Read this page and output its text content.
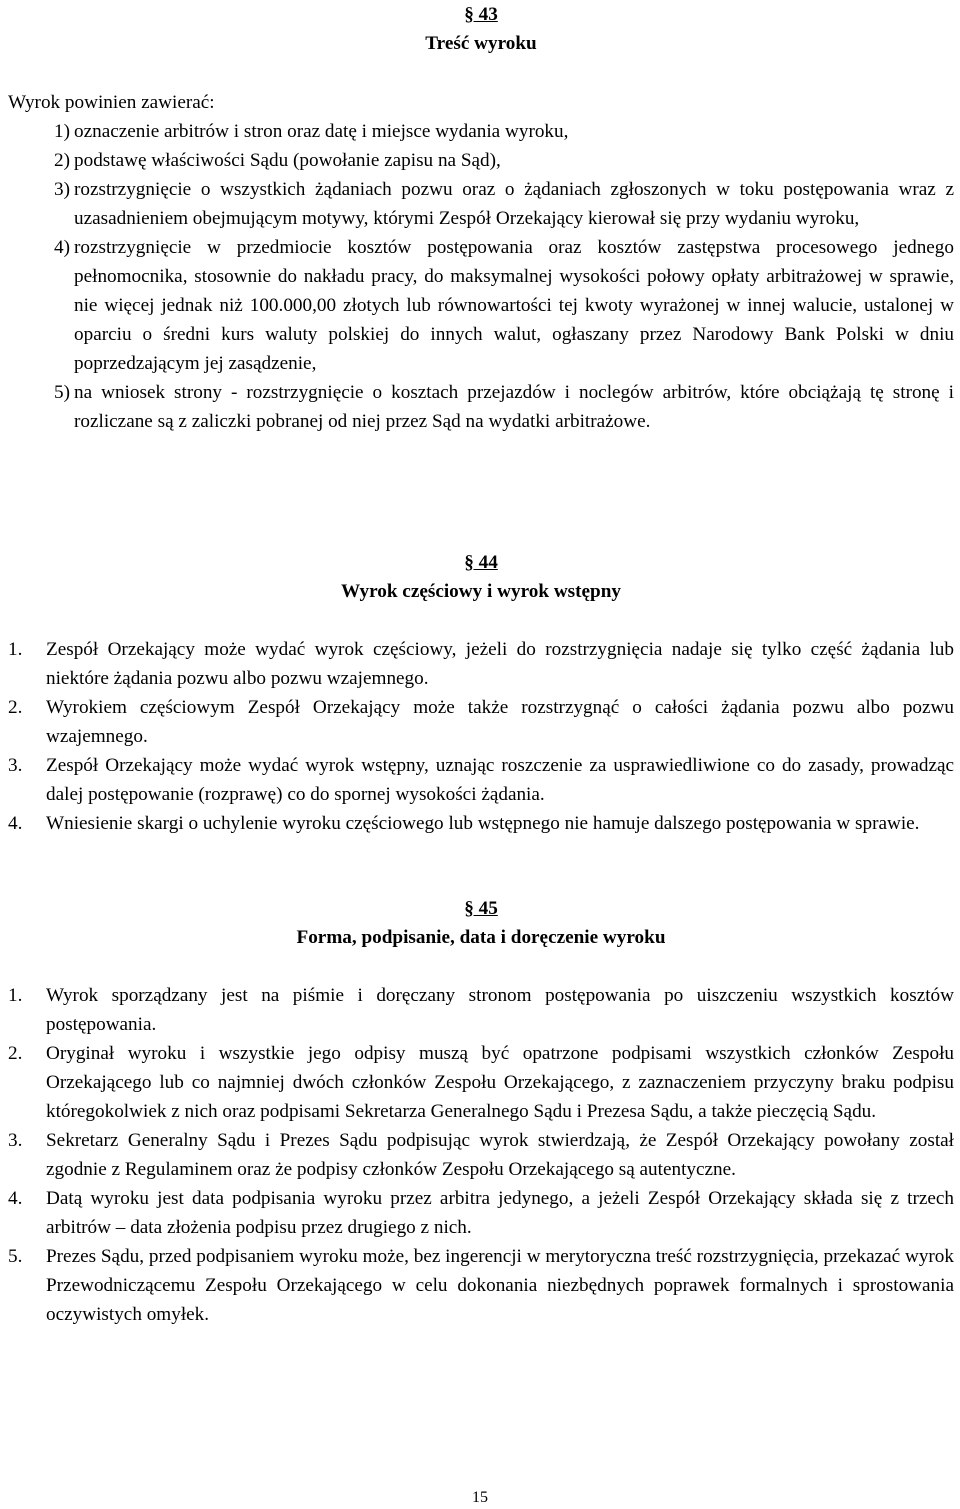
§ 43
Treść wyroku

Wyrok powinien zawierać:

1) oznaczenie arbitrów i stron oraz datę i miejsce wydania wyroku,
2) podstawę właściwości Sądu (powołanie zapisu na Sąd),
3) rozstrzygnięcie o wszystkich żądaniach pozwu oraz o żądaniach zgłoszonych w toku postępowania wraz z uzasadnieniem obejmującym motywy, którymi Zespół Orzekający kierował się przy wydaniu wyroku,
4) rozstrzygnięcie w przedmiocie kosztów postępowania oraz kosztów zastępstwa procesowego jednego pełnomocnika, stosownie do nakładu pracy, do maksymalnej wysokości połowy opłaty arbitrażowej w sprawie, nie więcej jednak niż 100.000,00 złotych lub równowartości tej kwoty wyrażonej w innej walucie, ustalonej w oparciu o średni kurs waluty polskiej do innych walut, ogłaszany przez Narodowy Bank Polski w dniu poprzedzającym jej zasądzenie,
5) na wniosek strony - rozstrzygnięcie o kosztach przejazdów i noclegów arbitrów, które obciążają tę stronę i rozliczane są z zaliczki pobranej od niej przez Sąd na wydatki arbitrażowe.
§ 44
Wyrok częściowy i wyrok wstępny
1.	Zespół Orzekający może wydać wyrok częściowy, jeżeli do rozstrzygnięcia nadaje się tylko część żądania lub niektóre żądania pozwu albo pozwu wzajemnego.
2.	Wyrokiem częściowym Zespół Orzekający może także rozstrzygnąć o całości żądania pozwu albo pozwu wzajemnego.
3.	Zespół Orzekający może wydać wyrok wstępny, uznając roszczenie za usprawiedliwione co do zasady, prowadząc dalej postępowanie (rozprawę) co do spornej wysokości żądania.
4.	Wniesienie skargi o uchylenie wyroku częściowego lub wstępnego nie hamuje dalszego postępowania w sprawie.
§ 45
Forma, podpisanie, data i doręczenie wyroku
1.	Wyrok sporządzany jest na piśmie i doręczany stronom postępowania po uiszczeniu wszystkich kosztów postępowania.
2.	Oryginał wyroku i wszystkie jego odpisy muszą być opatrzone podpisami wszystkich członków Zespołu Orzekającego lub co najmniej dwóch członków Zespołu Orzekającego, z zaznaczeniem przyczyny braku podpisu któregokolwiek z nich oraz podpisami Sekretarza Generalnego Sądu i Prezesa Sądu, a także pieczęcią Sądu.
3.	Sekretarz Generalny Sądu i Prezes Sądu podpisując wyrok stwierdzają, że Zespół Orzekający powołany został zgodnie z Regulaminem oraz że podpisy członków Zespołu Orzekającego są autentyczne.
4.	Datą wyroku jest data podpisania wyroku przez arbitra jedynego, a jeżeli Zespół Orzekający składa się z trzech arbitrów – data złożenia podpisu przez drugiego z nich.
5.	Prezes Sądu, przed podpisaniem wyroku może, bez ingerencji w merytoryczna treść rozstrzygnięcia, przekazać wyrok Przewodniczącemu Zespołu Orzekającego w celu dokonania niezbędnych poprawek formalnych i sprostowania oczywistych omyłek.
15
